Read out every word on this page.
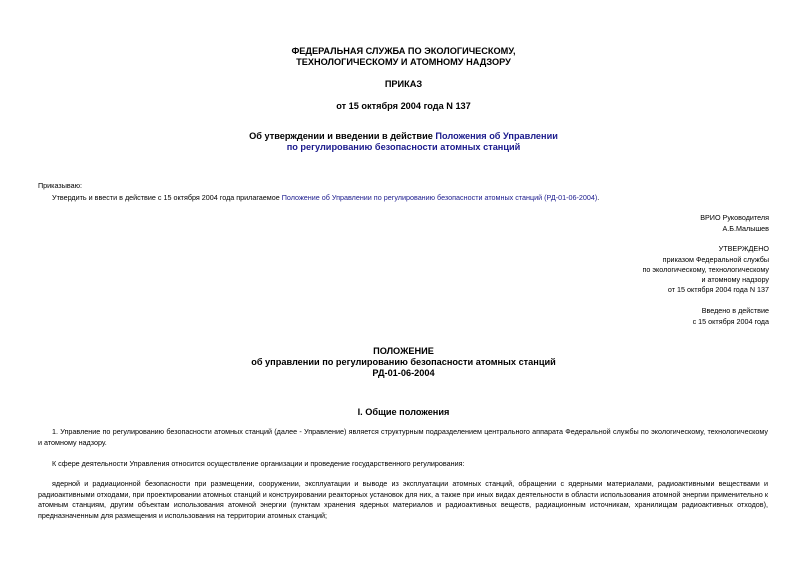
ФЕДЕРАЛЬНАЯ СЛУЖБА ПО ЭКОЛОГИЧЕСКОМУ,
ТЕХНОЛОГИЧЕСКОМУ И АТОМНОМУ НАДЗОРУ
ПРИКАЗ
от 15 октября 2004 года N 137
Об утверждении и введении в действие Положения об Управлении
по регулированию безопасности атомных станций
Приказываю:
Утвердить и ввести в действие с 15 октября 2004 года прилагаемое Положение об Управлении по регулированию безопасности атомных станций (РД-01-06-2004).
ВРИО Руководителя
А.Б.Малышев
УТВЕРЖДЕНО
приказом Федеральной службы
по экологическому, технологическому
и атомному надзору
от 15 октября 2004 года N 137
Введено в действие
с 15 октября 2004 года
ПОЛОЖЕНИЕ
об управлении по регулированию безопасности атомных станций
РД-01-06-2004
I. Общие положения
1. Управление по регулированию безопасности атомных станций (далее - Управление) является структурным подразделением центрального аппарата Федеральной службы по экологическому, технологическому и атомному надзору.
К сфере деятельности Управления относится осуществление организации и проведение государственного регулирования:
ядерной и радиационной безопасности при размещении, сооружении, эксплуатации и выводе из эксплуатации атомных станций, обращении с ядерными материалами, радиоактивными веществами и радиоактивными отходами, при проектировании атомных станций и конструировании реакторных установок для них, а также при иных видах деятельности в области использования атомной энергии применительно к атомным станциям, другим объектам использования атомной энергии (пунктам хранения ядерных материалов и радиоактивных веществ, радиационным источникам, хранилищам радиоактивных отходов), предназначенным для размещения и использования на территории атомных станций;
